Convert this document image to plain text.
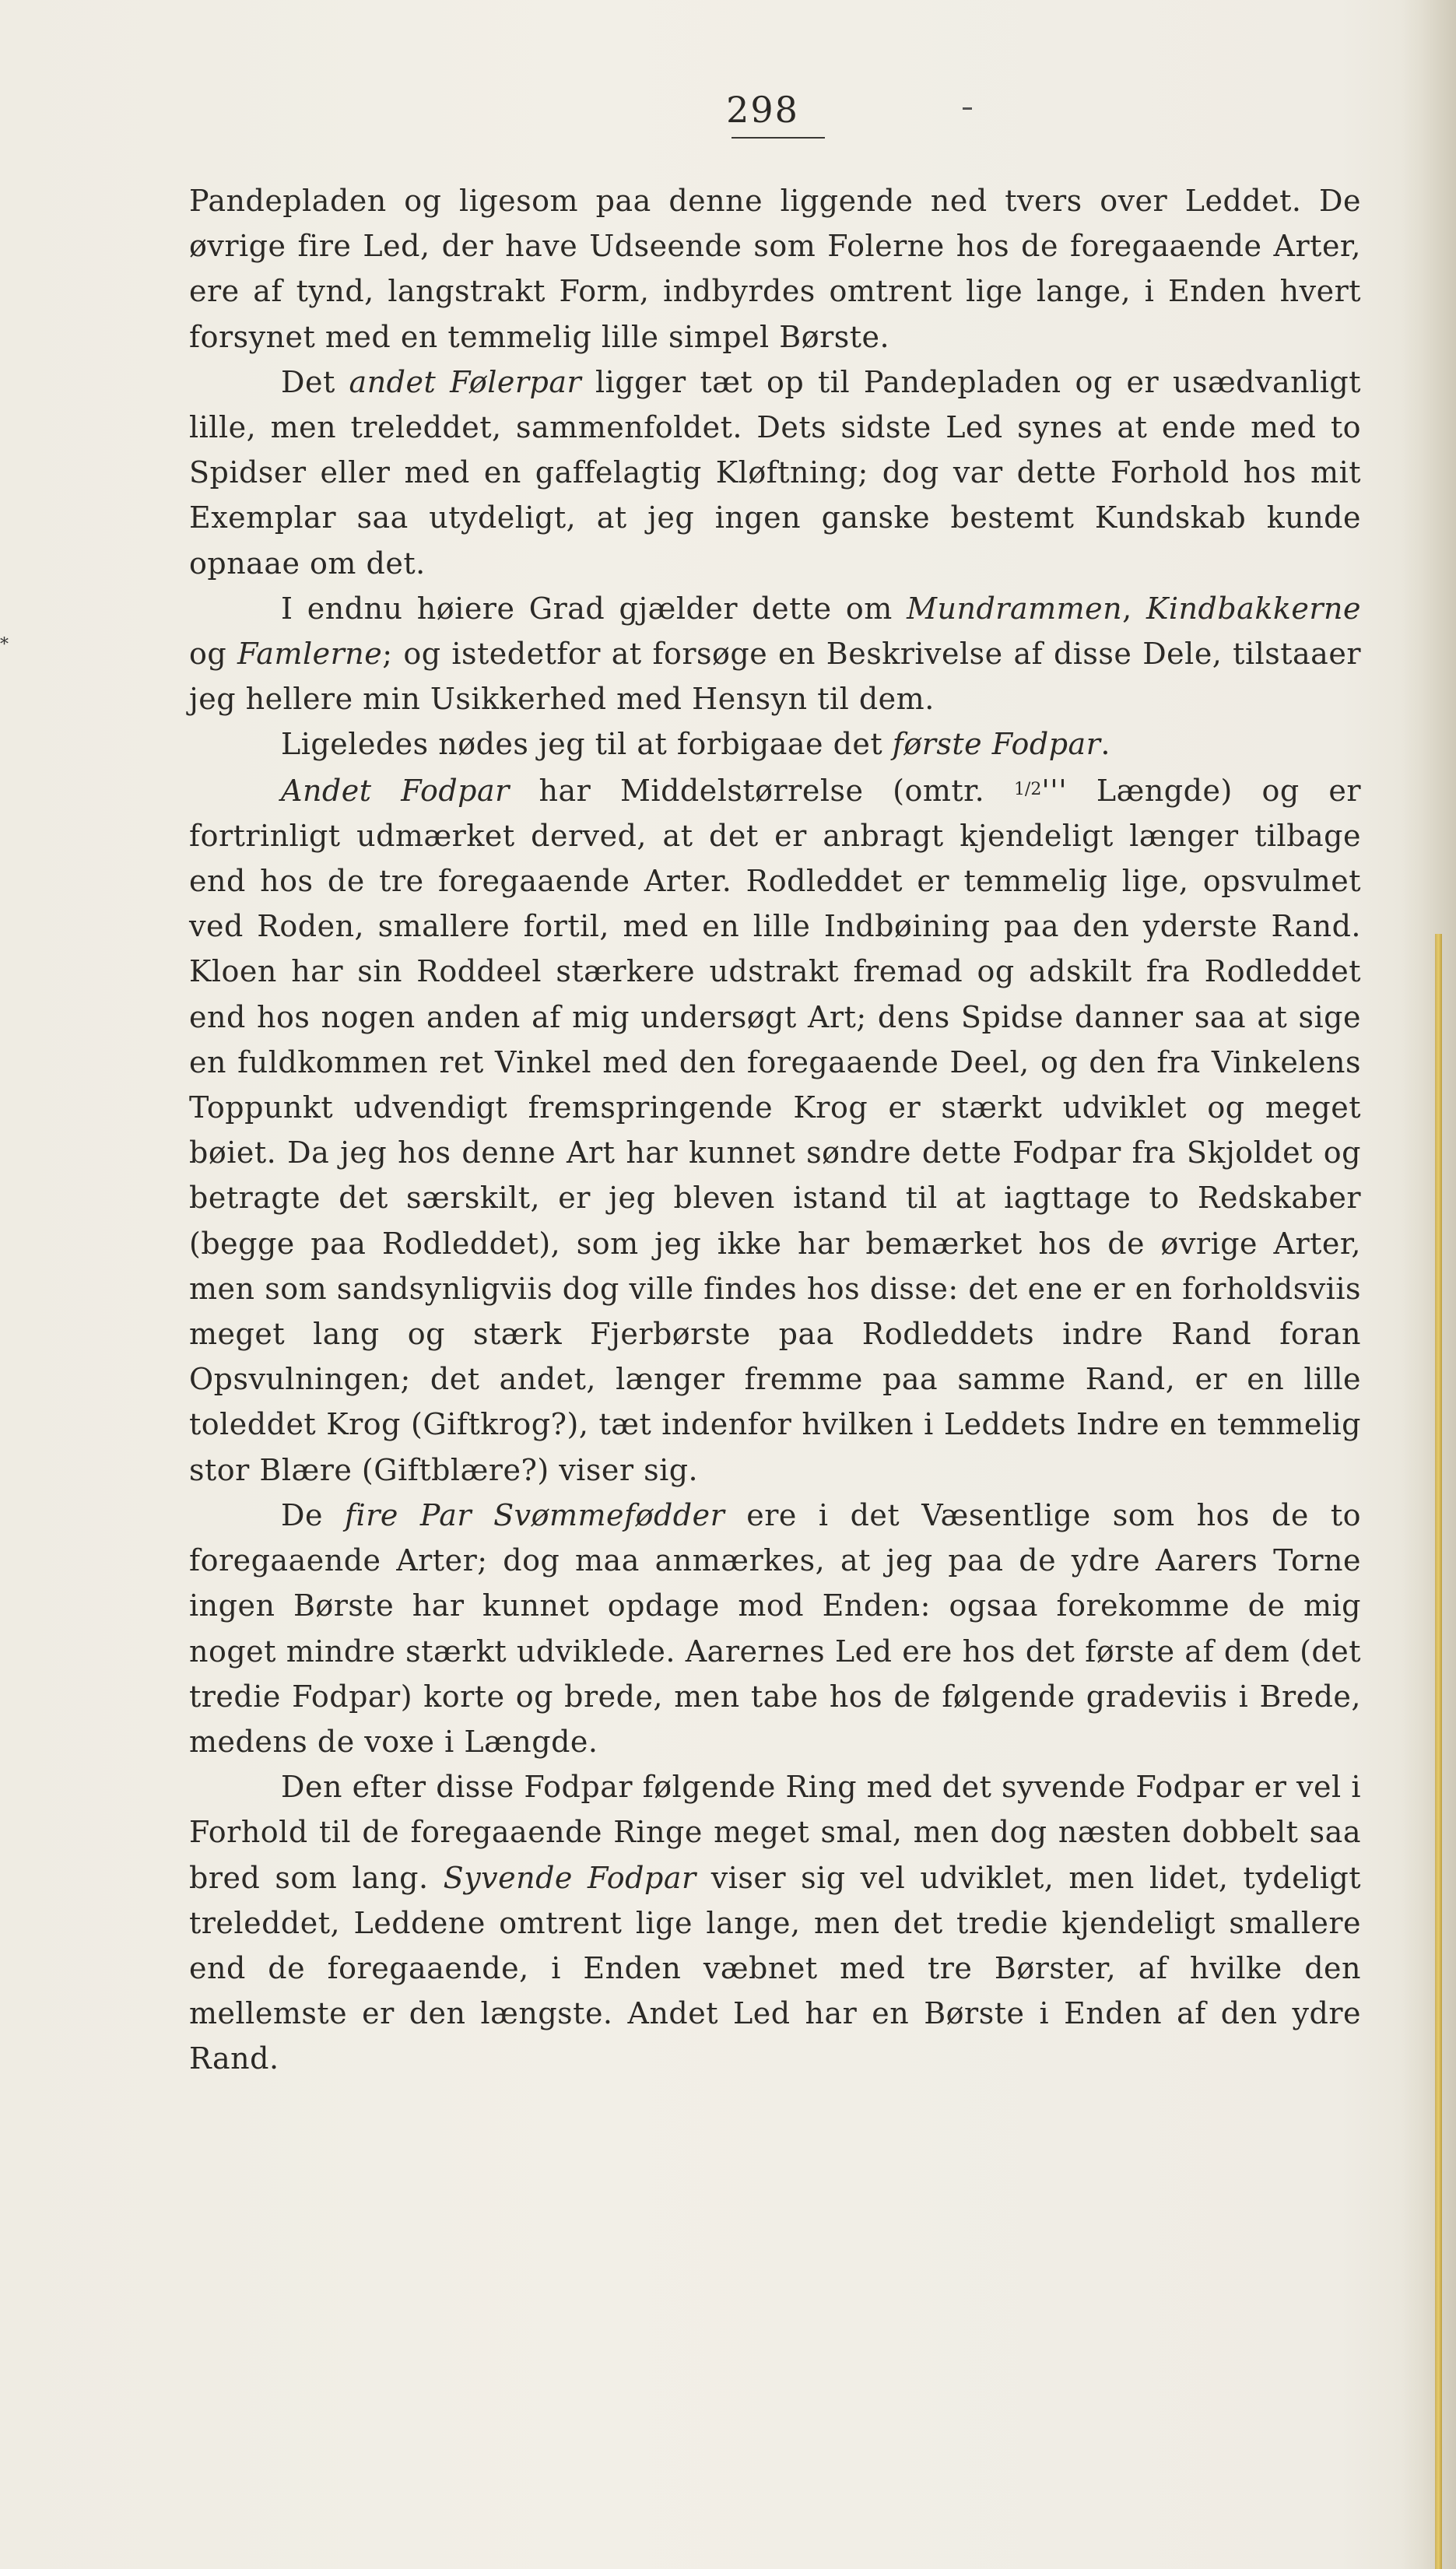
298
*

Pandepladen og ligesom paa denne liggende ned tvers over Leddet. De øvrige fire Led, der have Udseende som Folerne hos de foregaaende Arter, ere af tynd, langstrakt Form, indbyrdes omtrent lige lange, i Enden hvert forsynet med en temmelig lille simpel Børste.

Det andet Følerpar ligger tæt op til Pandepladen og er usædvanligt lille, men treleddet, sammenfoldet. Dets sidste Led synes at ende med to Spidser eller med en gaffelagtig Kløftning; dog var dette Forhold hos mit Exemplar saa utydeligt, at jeg ingen ganske bestemt Kundskab kunde opnaae om det.

I endnu høiere Grad gjælder dette om Mundrammen, Kindbakkerne og Famlerne; og istedetfor at forsøge en Beskrivelse af disse Dele, tilstaaer jeg hellere min Usikkerhed med Hensyn til dem.

Ligeledes nødes jeg til at forbigaae det første Fodpar.

Andet Fodpar har Middelstørrelse (omtr. $^{1/2}$''' Længde) og er fortrinligt udmærket derved, at det er anbragt kjendeligt længer tilbage end hos de tre foregaaende Arter. Rodleddet er temmelig lige, opsvulmet ved Roden, smallere fortil, med en lille Indbøining paa den yderste Rand. Kloen har sin Roddeel stærkere udstrakt fremad og adskilt fra Rodleddet end hos nogen anden af mig undersøgt Art; dens Spidse danner saa at sige en fuldkommen ret Vinkel med den foregaaende Deel, og den fra Vinkelens Toppunkt udvendigt fremspringende Krog er stærkt udviklet og meget bøiet. Da jeg hos denne Art har kunnet søndre dette Fodpar fra Skjoldet og betragte det særskilt, er jeg bleven istand til at iagttage to Redskaber (begge paa Rodleddet), som jeg ikke har bemærket hos de øvrige Arter, men som sandsynligviis dog ville findes hos disse: det ene er en forholdsviis meget lang og stærk Fjerbørste paa Rodleddets indre Rand foran Opsvulningen; det andet, længer fremme paa samme Rand, er en lille toleddet Krog (Giftkrog?), tæt indenfor hvilken i Leddets Indre en temmelig stor Blære (Giftblære?) viser sig.

De fire Par Svømmefødder ere i det Væsentlige som hos de to foregaaende Arter; dog maa anmærkes, at jeg paa de ydre Aarers Torne ingen Børste har kunnet opdage mod Enden: ogsaa forekomme de mig noget mindre stærkt udviklede. Aarernes Led ere hos det første af dem (det tredie Fodpar) korte og brede, men tabe hos de følgende gradeviis i Brede, medens de voxe i Længde.

Den efter disse Fodpar følgende Ring med det syvende Fodpar er vel i Forhold til de foregaaende Ringe meget smal, men dog næsten dobbelt saa bred som lang. Syvende Fodpar viser sig vel udviklet, men lidet, tydeligt treleddet, Leddene omtrent lige lange, men det tredie kjendeligt smallere end de foregaaende, i Enden væbnet med tre Børster, af hvilke den mellemste er den længste. Andet Led har en Børste i Enden af den ydre Rand.
